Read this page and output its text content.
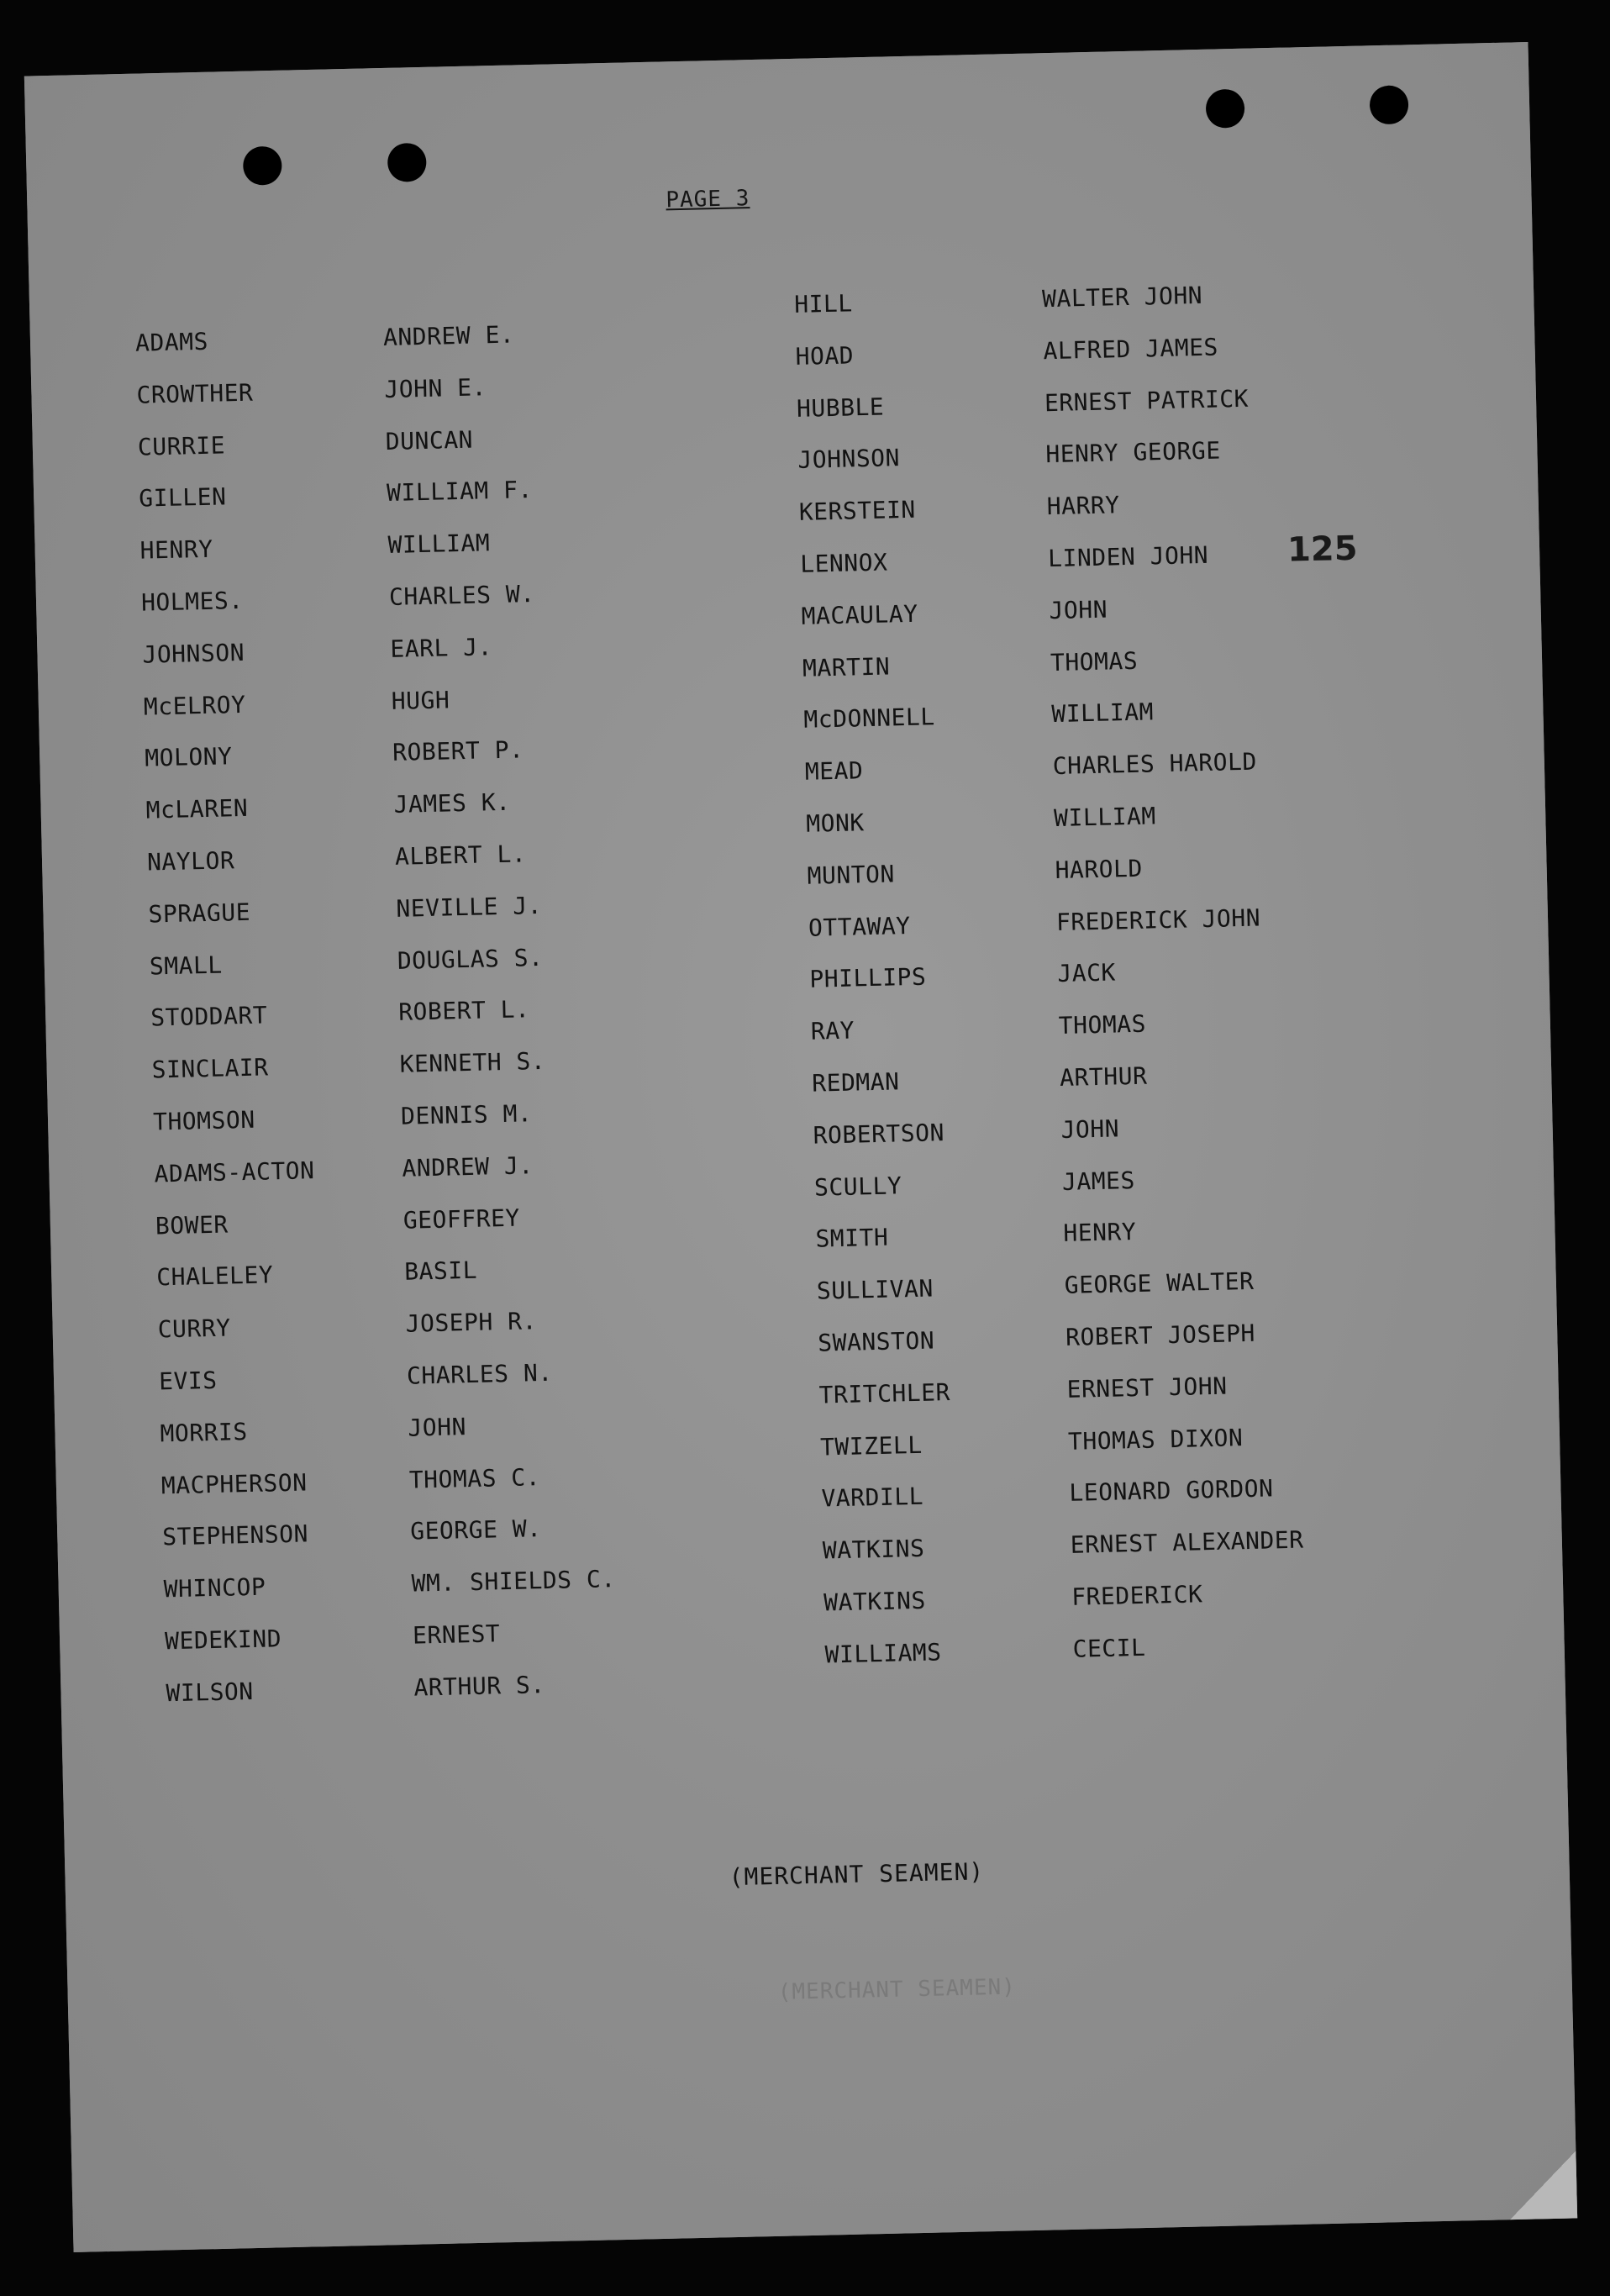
PAGE 3
125
ADAMS
CROWTHER
CURRIE
GILLEN
HENRY
HOLMES.
JOHNSON
McELROY
MOLONY
McLAREN
NAYLOR
SPRAGUE
SMALL
STODDART
SINCLAIR
THOMSON
ADAMS-ACTON
BOWER
CHALELEY
CURRY
EVIS
MORRIS
MACPHERSON
STEPHENSON
WHINCOP
WEDEKIND
WILSON
ANDREW E.
JOHN E.
DUNCAN
WILLIAM F.
WILLIAM
CHARLES W.
EARL J.
HUGH
ROBERT P.
JAMES K.
ALBERT L.
NEVILLE J.
DOUGLAS S.
ROBERT L.
KENNETH S.
DENNIS M.
ANDREW J.
GEOFFREY
BASIL
JOSEPH R.
CHARLES N.
JOHN
THOMAS C.
GEORGE W.
WM. SHIELDS C.
ERNEST
ARTHUR S.
HILL
HOAD
HUBBLE
JOHNSON
KERSTEIN
LENNOX
MACAULAY
MARTIN
McDONNELL
MEAD
MONK
MUNTON
OTTAWAY
PHILLIPS
RAY
REDMAN
ROBERTSON
SCULLY
SMITH
SULLIVAN
SWANSTON
TRITCHLER
TWIZELL
VARDILL
WATKINS
WATKINS
WILLIAMS
WALTER JOHN
ALFRED JAMES
ERNEST PATRICK
HENRY GEORGE
HARRY
LINDEN JOHN
JOHN
THOMAS
WILLIAM
CHARLES HAROLD
WILLIAM
HAROLD
FREDERICK JOHN
JACK
THOMAS
ARTHUR
JOHN
JAMES
HENRY
GEORGE WALTER
ROBERT JOSEPH
ERNEST JOHN
THOMAS DIXON
LEONARD GORDON
ERNEST ALEXANDER
FREDERICK
CECIL
(MERCHANT SEAMEN)
(MERCHANT SEAMEN)
